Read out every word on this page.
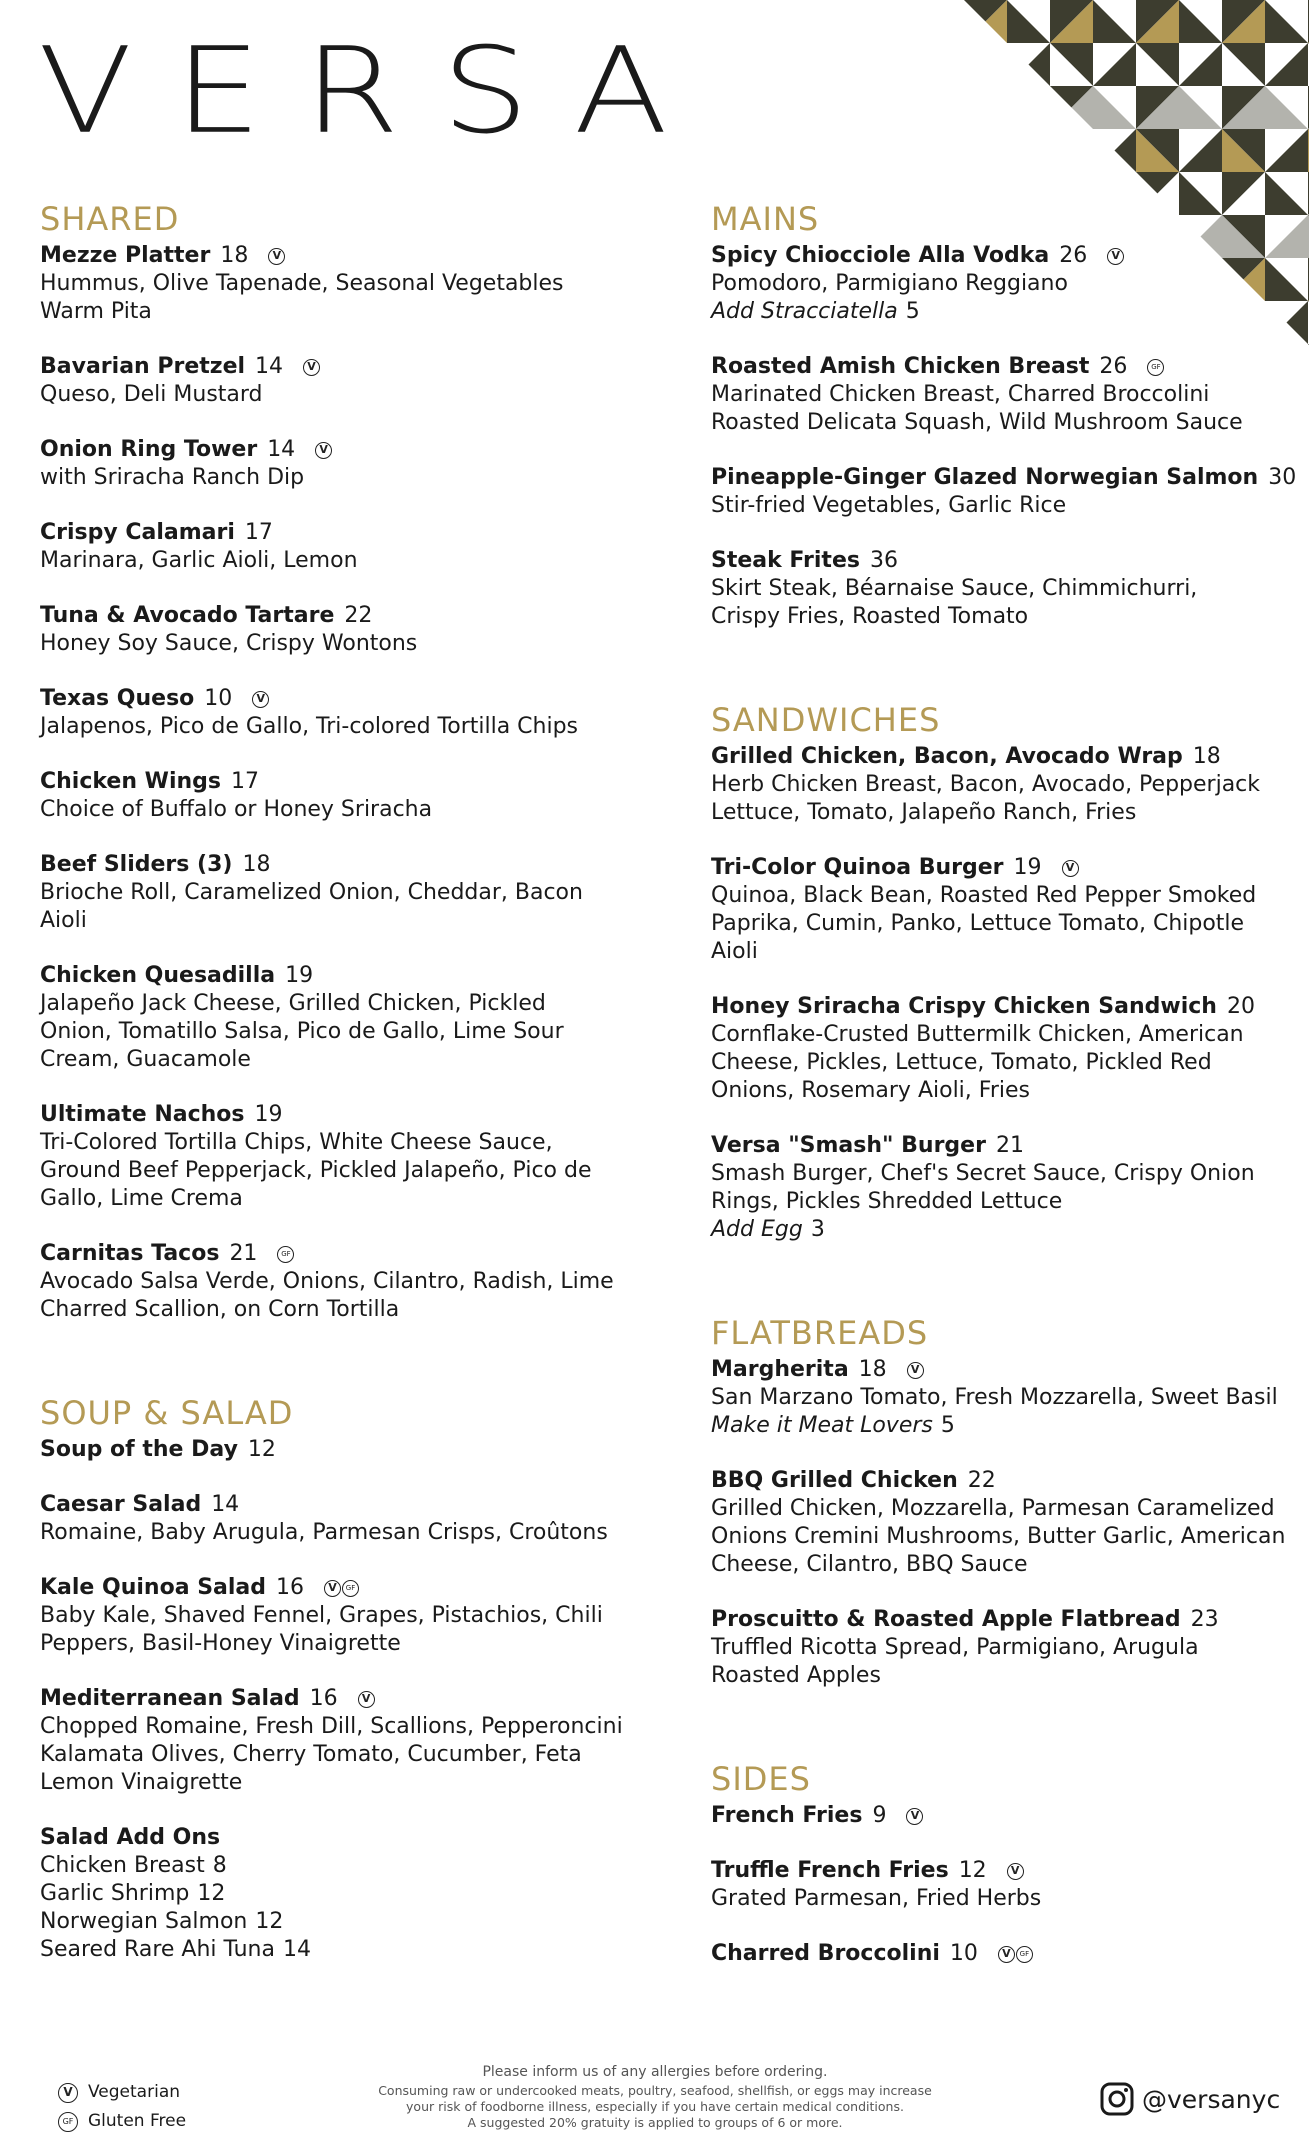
VERSA
SHARED
Mezze Platter 18	V
Hummus, Olive Tapenade, Seasonal Vegetables
Warm Pita
Bavarian Pretzel 14	V
Queso, Deli Mustard
Onion Ring Tower 14	V
with Sriracha Ranch Dip
Crispy Calamari 17
Marinara, Garlic Aioli, Lemon
Tuna & Avocado Tartare 22
Honey Soy Sauce, Crispy Wontons
Texas Queso 10	V
Jalapenos, Pico de Gallo, Tri-colored Tortilla Chips
Chicken Wings 17
Choice of Buffalo or Honey Sriracha
Beef Sliders (3) 18
Brioche Roll, Caramelized Onion, Cheddar, Bacon
Aioli
Chicken Quesadilla 19
Jalapeño Jack Cheese, Grilled Chicken, Pickled
Onion, Tomatillo Salsa, Pico de Gallo, Lime Sour
Cream, Guacamole
Ultimate Nachos 19
Tri-Colored Tortilla Chips, White Cheese Sauce,
Ground Beef Pepperjack, Pickled Jalapeño, Pico de
Gallo, Lime Crema
Carnitas Tacos 21	GF
Avocado Salsa Verde, Onions, Cilantro, Radish, Lime
Charred Scallion, on Corn Tortilla
SOUP & SALAD
Soup of the Day 12
Caesar Salad 14
Romaine, Baby Arugula, Parmesan Crisps, Croûtons
Kale Quinoa Salad 16	V	GF
Baby Kale, Shaved Fennel, Grapes, Pistachios, Chili
Peppers, Basil-Honey Vinaigrette
Mediterranean Salad 16	V
Chopped Romaine, Fresh Dill, Scallions, Pepperoncini
Kalamata Olives, Cherry Tomato, Cucumber, Feta
Lemon Vinaigrette
Salad Add Ons
Chicken Breast 8
Garlic Shrimp 12
Norwegian Salmon 12
Seared Rare Ahi Tuna 14
MAINS
Spicy Chiocciole Alla Vodka 26	V
Pomodoro, Parmigiano Reggiano
Add Stracciatella 5
Roasted Amish Chicken Breast 26	GF
Marinated Chicken Breast, Charred Broccolini
Roasted Delicata Squash, Wild Mushroom Sauce
Pineapple-Ginger Glazed Norwegian Salmon 30
Stir-fried Vegetables, Garlic Rice
Steak Frites 36
Skirt Steak, Béarnaise Sauce, Chimmichurri,
Crispy Fries, Roasted Tomato
SANDWICHES
Grilled Chicken, Bacon, Avocado Wrap 18
Herb Chicken Breast, Bacon, Avocado, Pepperjack
Lettuce, Tomato, Jalapeño Ranch, Fries
Tri-Color Quinoa Burger 19	V
Quinoa, Black Bean, Roasted Red Pepper Smoked
Paprika, Cumin, Panko, Lettuce Tomato, Chipotle
Aioli
Honey Sriracha Crispy Chicken Sandwich 20
Cornflake-Crusted Buttermilk Chicken, American
Cheese, Pickles, Lettuce, Tomato, Pickled Red
Onions, Rosemary Aioli, Fries
Versa "Smash" Burger 21
Smash Burger, Chef's Secret Sauce, Crispy Onion
Rings, Pickles Shredded Lettuce
Add Egg 3
FLATBREADS
Margherita 18	V
San Marzano Tomato, Fresh Mozzarella, Sweet Basil
Make it Meat Lovers 5
BBQ Grilled Chicken 22
Grilled Chicken, Mozzarella, Parmesan Caramelized
Onions Cremini Mushrooms, Butter Garlic, American
Cheese, Cilantro, BBQ Sauce
Proscuitto & Roasted Apple Flatbread 23
Truffled Ricotta Spread, Parmigiano, Arugula
Roasted Apples
SIDES
French Fries 9	V
Truffle French Fries 12	V
Grated Parmesan, Fried Herbs
Charred Broccolini 10	V	GF
V Vegetarian
GF Gluten Free
Please inform us of any allergies before ordering.
Consuming raw or undercooked meats, poultry, seafood, shellfish, or eggs may increase
your risk of foodborne illness, especially if you have certain medical conditions.
A suggested 20% gratuity is applied to groups of 6 or more.
@versanyc
